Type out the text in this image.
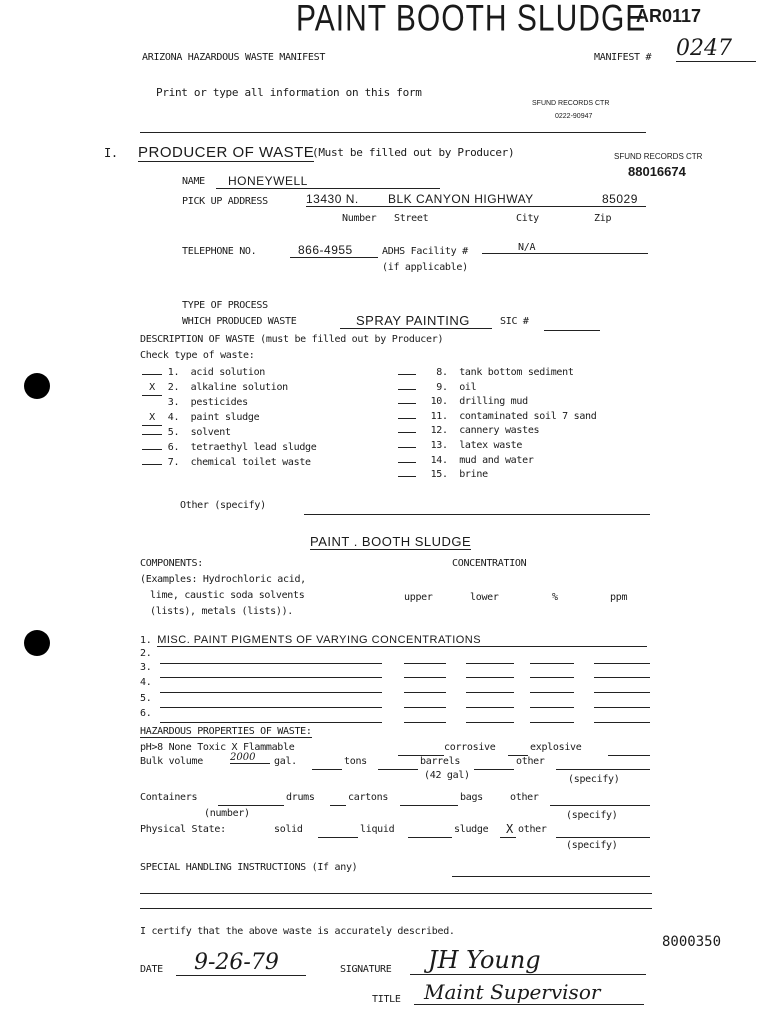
PAINT BOOTH SLUDGE
AR0117
ARIZONA HAZARDOUS WASTE MANIFEST	MANIFEST # 0247
Print or type all information on this form
SFUND RECORDS CTR
0222-90947
I. PRODUCER OF WASTE
(Must be filled out by Producer)	SFUND RECORDS CTR
88016674
NAME	HONEYWELL
PICK UP ADDRESS	13430 N.	BLK CANYON HIGHWAY	85029
Number Street	City	Zip
TELEPHONE NO.	866-4955	ADHS Facility #	N/A
(if applicable)
TYPE OF PROCESS
WHICH PRODUCED WASTE	SPRAY PAINTING	SIC #
DESCRIPTION OF WASTE (must be filled out by Producer)
Check type of waste:
1. acid solution
X 2. alkaline solution
3. pesticides
X 4. paint sludge
5. solvent
6. tetraethyl lead sludge
7. chemical toilet waste
8. tank bottom sediment
9. oil
10. drilling mud
11. contaminated soil 7 sand
12. cannery wastes
13. latex waste
14. mud and water
15. brine
Other (specify)
PAINT . BOOTH SLUDGE
COMPONENTS:	CONCENTRATION
(Examples: Hydrochloric acid,
lime, caustic soda solvents
(lists), metals (lists)).
upper	lower	%	ppm
1. MISC. PAINT PIGMENTS OF VARYING CONCENTRATIONS
2.
3.
4.
5.
6.
HAZARDOUS PROPERTIES OF WASTE:
pH>8 None Toxic X Flammable	corrosive	explosive
Bulk volume	2000	gal.	tons	barrels	other
(42 gal)	(specify)
Containers	drums	cartons	bags	other
(number)	(specify)
Physical State:	solid	liquid	sludge X other
(specify)
SPECIAL HANDLING INSTRUCTIONS (If any)
I certify that the above waste is accurately described.
8000350
DATE	9-26-79	SIGNATURE	JH Young
TITLE	Maint Supervisor
